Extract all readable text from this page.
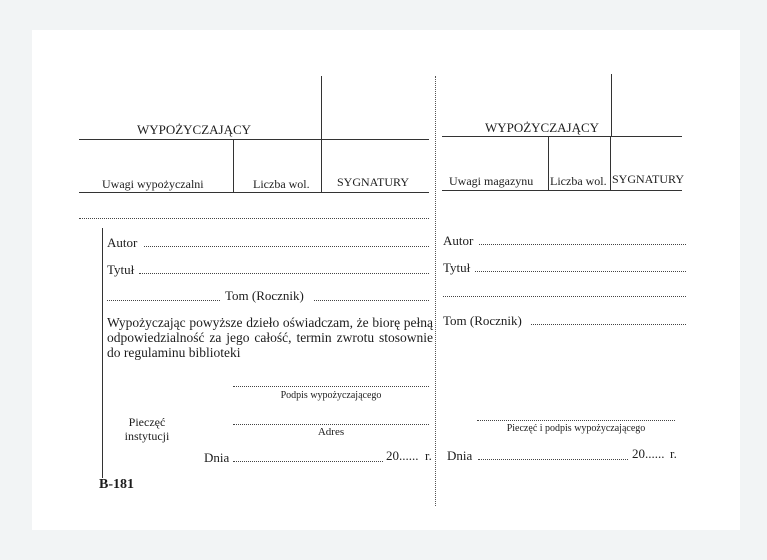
WYPOŻYCZAJĄCY
Uwagi wypożyczalni	Liczba wol. SYGNATURY
Autor
Tytuł
Tom (Rocznik)
Wypożyczając powyższe dzieło oświadczam, że biorę pełną odpowiedzialność za jego całość, termin zwrotu stosownie do regulaminu biblioteki
Podpis wypożyczającego
Pieczęć
instytucji	Adres
Dnia	20...... r.
B-181
WYPOŻYCZAJĄCY
Uwagi magazynu Liczba wol. SYGNATURY
Autor
Tytuł
Tom (Rocznik)
Pieczęć i podpis wypożyczającego
Dnia	20...... r.
